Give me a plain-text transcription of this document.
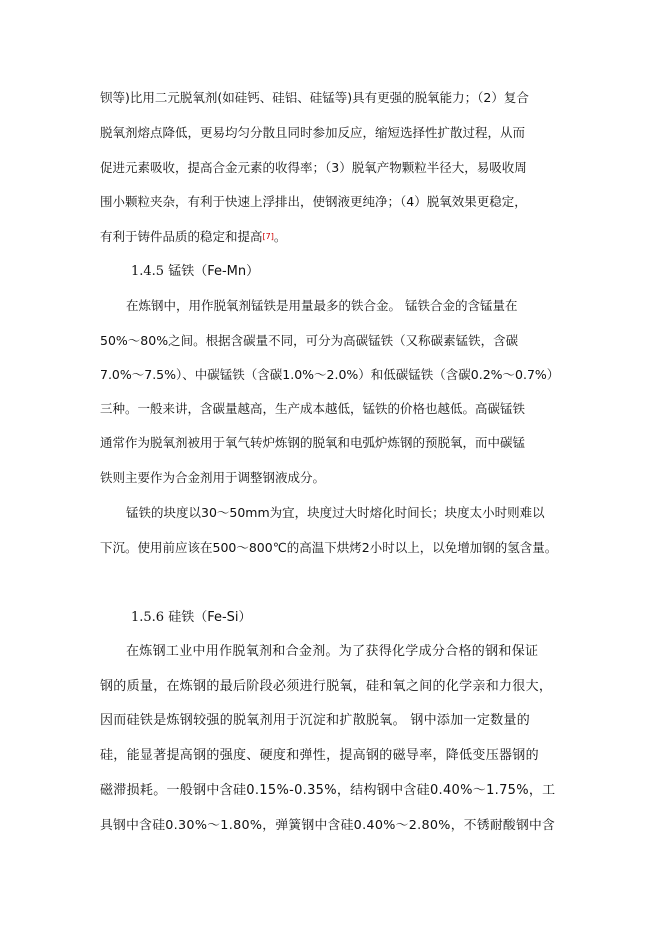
钡等)比用二元脱氧剂(如硅钙、硅铝、硅锰等)具有更强的脱氧能力；（2）复合
脱氧剂熔点降低，更易均匀分散且同时参加反应，缩短选择性扩散过程，从而
促进元素吸收，提高合金元素的收得率；（3）脱氧产物颗粒半径大，易吸收周
围小颗粒夹杂，有利于快速上浮排出，使钢液更纯净；（4）脱氧效果更稳定，
有利于铸件品质的稳定和提高[7]。
1.4.5 锰铁（Fe-Mn）
在炼钢中，用作脱氧剂锰铁是用量最多的铁合金。 锰铁合金的含锰量在
50%～80%之间。根据含碳量不同，可分为高碳锰铁（又称碳素锰铁，含碳
7.0%～7.5%）、中碳锰铁（含碳1.0%～2.0%）和低碳锰铁（含碳0.2%～0.7%）
三种。一般来讲，含碳量越高，生产成本越低，锰铁的价格也越低。高碳锰铁
通常作为脱氧剂被用于氧气转炉炼钢的脱氧和电弧炉炼钢的预脱氧，而中碳锰
铁则主要作为合金剂用于调整钢液成分。
锰铁的块度以30～50mm为宜，块度过大时熔化时间长；块度太小时则难以
下沉。使用前应该在500～800℃的高温下烘烤2小时以上，以免增加钢的氢含量。
1.5.6 硅铁（Fe-Si）
在炼钢工业中用作脱氧剂和合金剂。为了获得化学成分合格的钢和保证
钢的质量，在炼钢的最后阶段必须进行脱氧，硅和氧之间的化学亲和力很大，
因而硅铁是炼钢较强的脱氧剂用于沉淀和扩散脱氧。 钢中添加一定数量的
硅，能显著提高钢的强度、硬度和弹性，提高钢的磁导率，降低变压器钢的
磁滞损耗。一般钢中含硅0.15%-0.35%，结构钢中含硅0.40%～1.75%，工
具钢中含硅0.30%～1.80%，弹簧钢中含硅0.40%～2.80%，不锈耐酸钢中含
